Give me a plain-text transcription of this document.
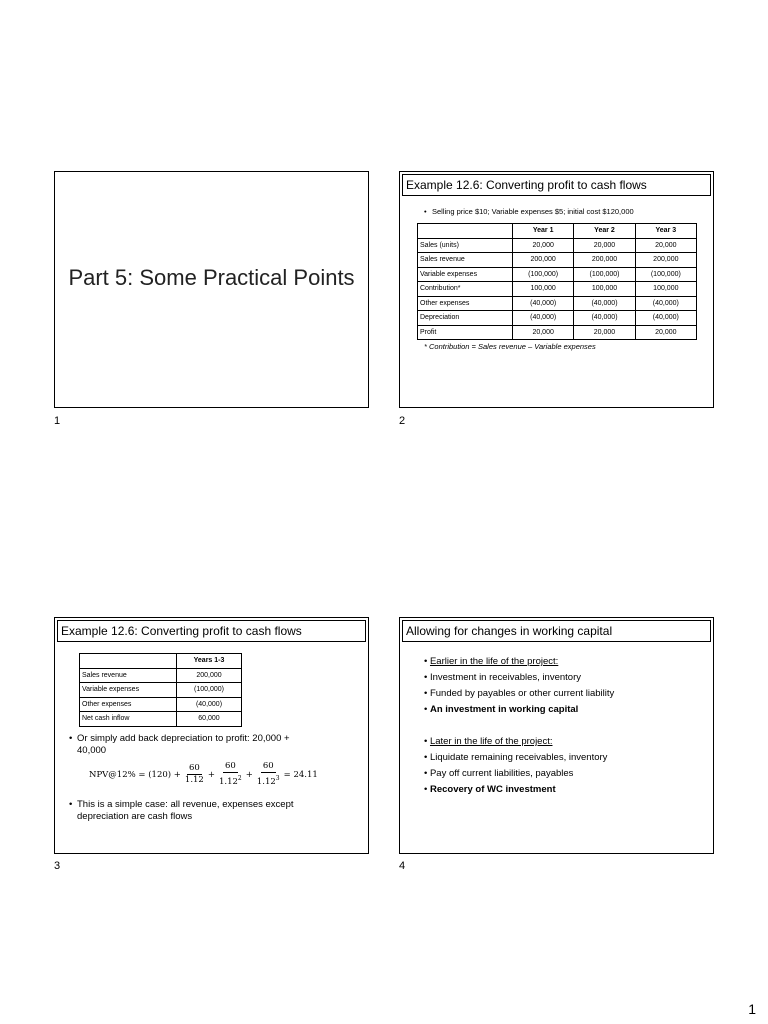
Part 5: Some Practical Points
1
Example 12.6: Converting profit to cash flows
• Selling price $10; Variable expenses $5; initial cost $120,000
	Year 1	Year 2	Year 3
Sales (units)	20,000	20,000	20,000
Sales revenue	200,000	200,000	200,000
Variable expenses	(100,000)	(100,000)	(100,000)
Contribution*	100,000	100,000	100,000
Other expenses	(40,000)	(40,000)	(40,000)
Depreciation	(40,000)	(40,000)	(40,000)
Profit	20,000	20,000	20,000
* Contribution = Sales revenue – Variable expenses
2
Example 12.6: Converting profit to cash flows
	Years 1-3
Sales revenue	200,000
Variable expenses	(100,000)
Other expenses	(40,000)
Net cash inflow	60,000
• Or simply add back depreciation to profit: 20,000 +
40,000
NPV@12% = $(120) + \frac{60}{1.12} + \frac{60}{1.12^2} + \frac{60}{1.12^3} = 24.11$
• This is a simple case: all revenue, expenses except
depreciation are cash flows
3
Allowing for changes in working capital
• Earlier in the life of the project:
• Investment in receivables, inventory
• Funded by payables or other current liability
• An investment in working capital
• Later in the life of the project:
• Liquidate remaining receivables, inventory
• Pay off current liabilities, payables
• Recovery of WC investment
4
1
